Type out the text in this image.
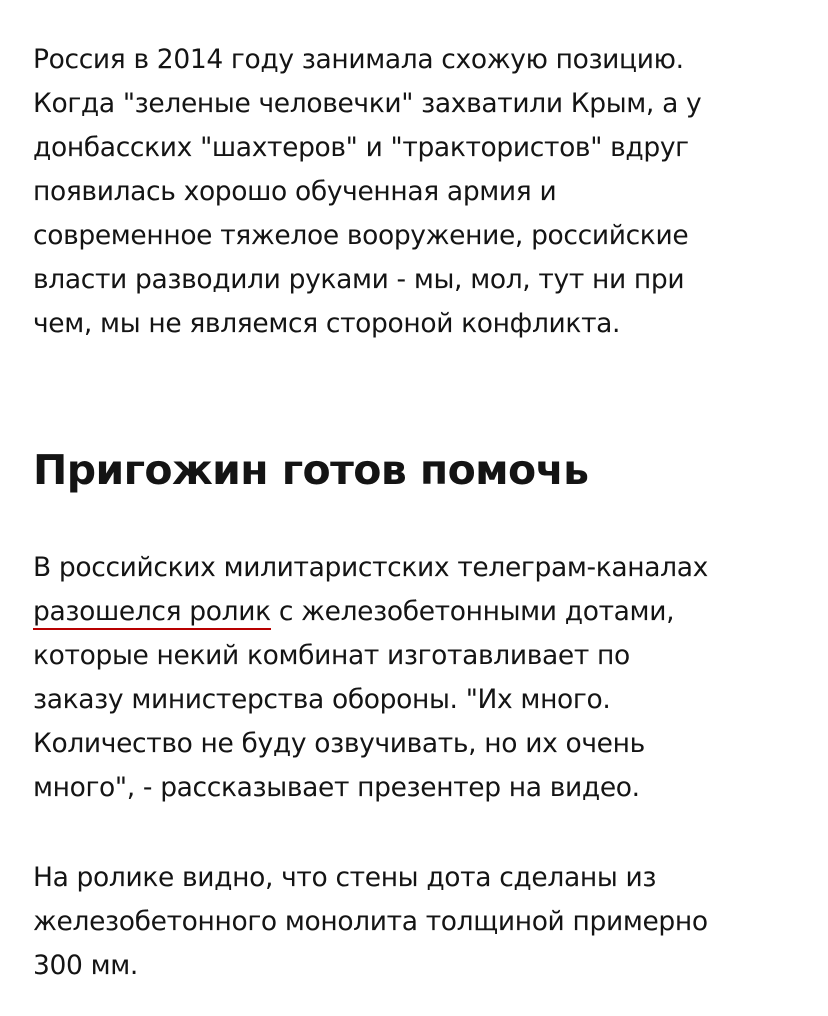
Россия в 2014 году занимала схожую позицию.
Когда "зеленые человечки" захватили Крым, а у
донбасских "шахтеров" и "трактористов" вдруг
появилась хорошо обученная армия и
современное тяжелое вооружение, российские
власти разводили руками - мы, мол, тут ни при
чем, мы не являемся стороной конфликта.
Пригожин готов помочь
В российских милитаристских телеграм-каналах
разошелся ролик с железобетонными дотами,
которые некий комбинат изготавливает по
заказу министерства обороны. "Их много.
Количество не буду озвучивать, но их очень
много", - рассказывает презентер на видео.
На ролике видно, что стены дота сделаны из
железобетонного монолита толщиной примерно
300 мм.
